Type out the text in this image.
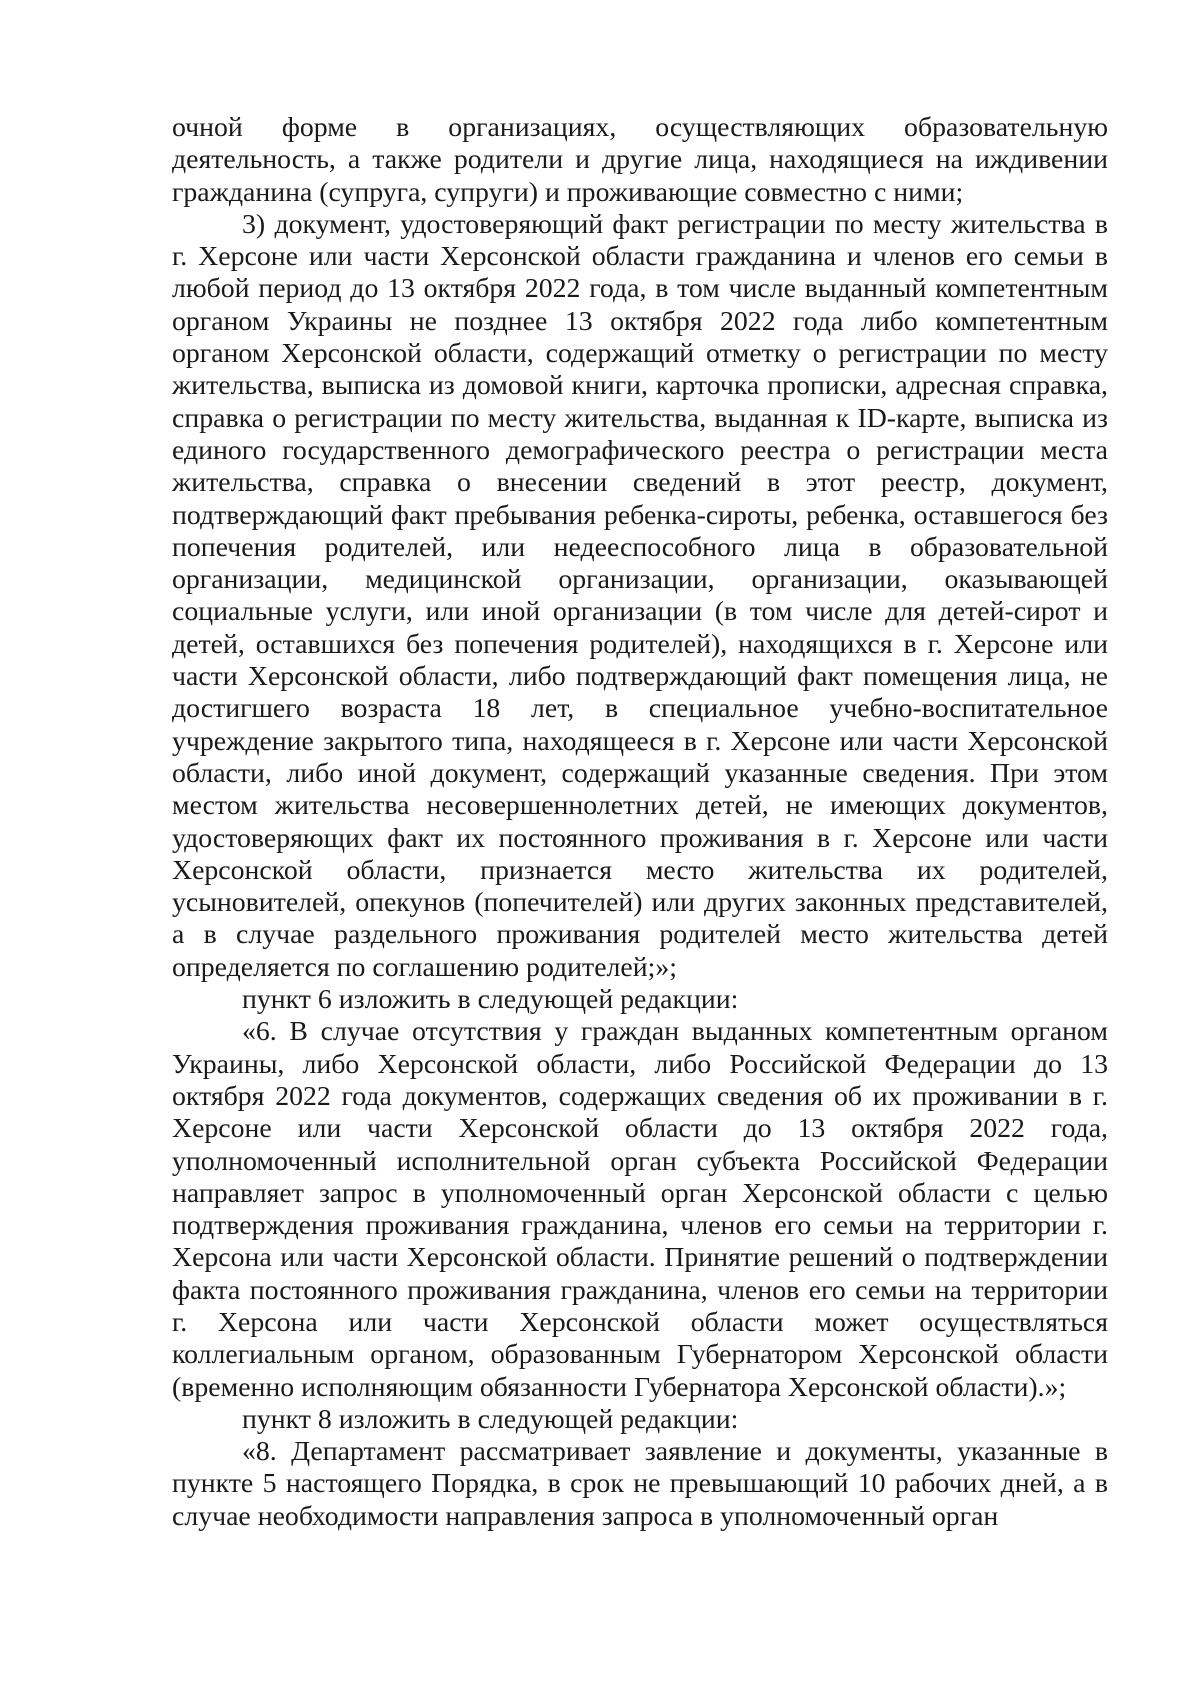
очной форме в организациях, осуществляющих образовательную деятельность, а также родители и другие лица, находящиеся на иждивении гражданина (супруга, супруги) и проживающие совместно с ними;

3) документ, удостоверяющий факт регистрации по месту жительства в г. Херсоне или части Херсонской области гражданина и членов его семьи в любой период до 13 октября 2022 года, в том числе выданный компетентным органом Украины не позднее 13 октября 2022 года либо компетентным органом Херсонской области, содержащий отметку о регистрации по месту жительства, выписка из домовой книги, карточка прописки, адресная справка, справка о регистрации по месту жительства, выданная к ID-карте, выписка из единого государственного демографического реестра о регистрации места жительства, справка о внесении сведений в этот реестр, документ, подтверждающий факт пребывания ребенка-сироты, ребенка, оставшегося без попечения родителей, или недееспособного лица в образовательной организации, медицинской организации, организации, оказывающей социальные услуги, или иной организации (в том числе для детей-сирот и детей, оставшихся без попечения родителей), находящихся в г. Херсоне или части Херсонской области, либо подтверждающий факт помещения лица, не достигшего возраста 18 лет, в специальное учебно-воспитательное учреждение закрытого типа, находящееся в г. Херсоне или части Херсонской области, либо иной документ, содержащий указанные сведения. При этом местом жительства несовершеннолетних детей, не имеющих документов, удостоверяющих факт их постоянного проживания в г. Херсоне или части Херсонской области, признается место жительства их родителей, усыновителей, опекунов (попечителей) или других законных представителей, а в случае раздельного проживания родителей место жительства детей определяется по соглашению родителей;»;

пункт 6 изложить в следующей редакции:

«6. В случае отсутствия у граждан выданных компетентным органом Украины, либо Херсонской области, либо Российской Федерации до 13 октября 2022 года документов, содержащих сведения об их проживании в г. Херсоне или части Херсонской области до 13 октября 2022 года, уполномоченный исполнительной орган субъекта Российской Федерации направляет запрос в уполномоченный орган Херсонской области с целью подтверждения проживания гражданина, членов его семьи на территории г. Херсона или части Херсонской области. Принятие решений о подтверждении факта постоянного проживания гражданина, членов его семьи на территории г. Херсона или части Херсонской области может осуществляться коллегиальным органом, образованным Губернатором Херсонской области (временно исполняющим обязанности Губернатора Херсонской области).»;

пункт 8 изложить в следующей редакции:

«8. Департамент рассматривает заявление и документы, указанные в пункте 5 настоящего Порядка, в срок не превышающий 10 рабочих дней, а в случае необходимости направления запроса в уполномоченный орган
